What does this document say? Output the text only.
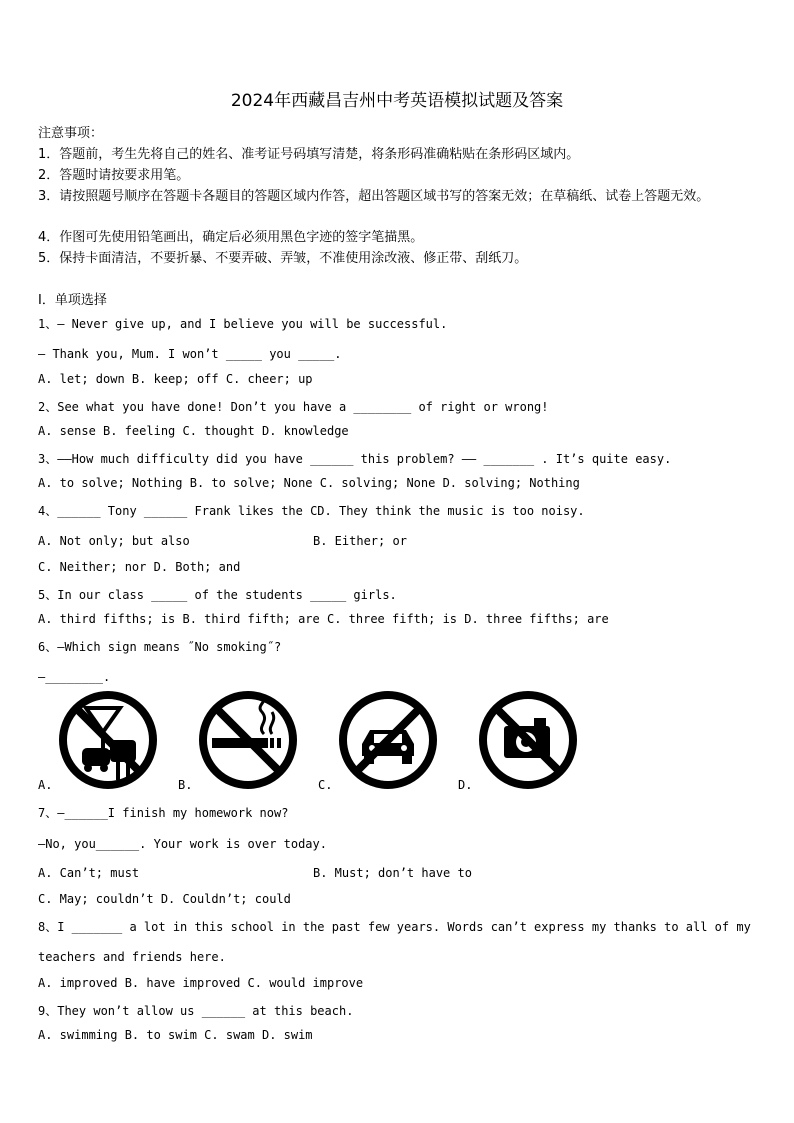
2024年西藏昌吉州中考英语模拟试题及答案
注意事项：
1．答题前，考生先将自己的姓名、准考证号码填写清楚，将条形码准确粘贴在条形码区域内。
2．答题时请按要求用笔。
3．请按照题号顺序在答题卡各题目的答题区域内作答，超出答题区域书写的答案无效；在草稿纸、试卷上答题无效。
4．作图可先使用铅笔画出，确定后必须用黑色字迹的签字笔描黑。
5．保持卡面清洁，不要折暴、不要弄破、弄皱，不准使用涂改液、修正带、刮纸刀。
Ⅰ．单项选择
1、— Never give up, and I believe you will be successful.
— Thank you, Mum. I won’t _____ you _____.
A. let; down B. keep; off C. cheer; up
2、See what you have done! Don’t you have a ________ of right or wrong!
A. sense B. feeling C. thought D. knowledge
3、——How much difficulty did you have ______ this problem? —— _______ . It’s quite easy.
A. to solve; Nothing B. to solve; None C. solving; None D. solving; Nothing
4、______ Tony ______ Frank likes the CD. They think the music is too noisy.
A. Not only; but also	B. Either; or
C. Neither; nor D. Both; and
5、In our class _____ of the students _____ girls.
A. third fifths; is B. third fifth; are C. three fifth; is D. three fifths; are
6、—Which sign means ˝No smoking˝?
—________.
A.	B.	C.	D.
7、—______I finish my homework now?
—No, you______. Your work is over today.
A. Can’t; must	B. Must; don’t have to
C. May; couldn’t D. Couldn’t; could
8、I _______ a lot in this school in the past few years. Words can’t express my thanks to all of my
teachers and friends here.
A. improved B. have improved C. would improve
9、They won’t allow us ______ at this beach.
A. swimming B. to swim C. swam D. swim
